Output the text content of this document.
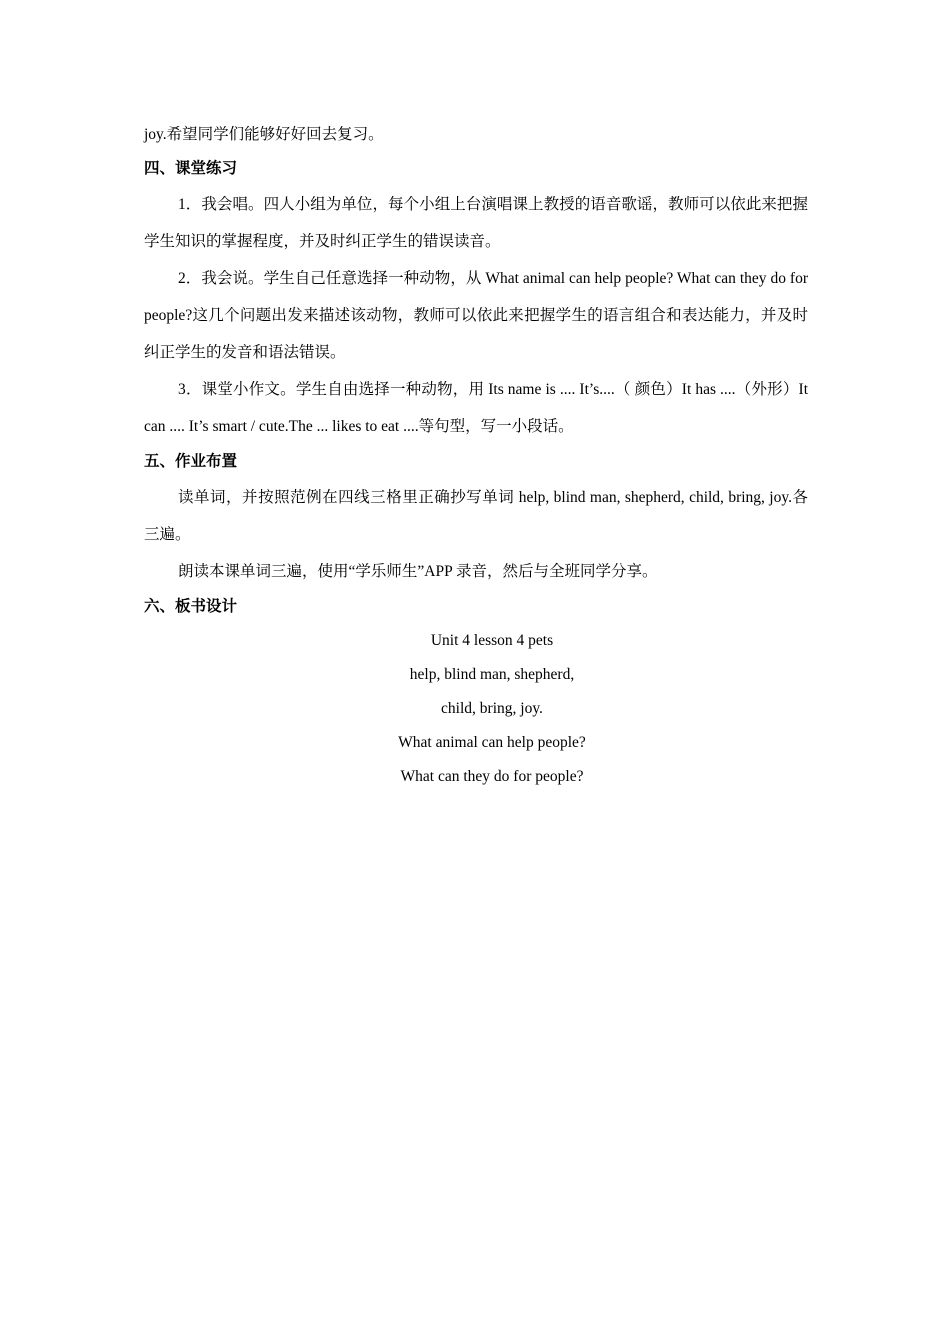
joy.希望同学们能够好好回去复习。
四、课堂练习

1．我会唱。四人小组为单位，每个小组上台演唱课上教授的语音歌谣，教师可以依此来把握学生知识的掌握程度，并及时纠正学生的错误读音。

2．我会说。学生自己任意选择一种动物，从 What animal can help people? What can they do for people?这几个问题出发来描述该动物，教师可以依此来把握学生的语言组合和表达能力，并及时纠正学生的发音和语法错误。

3．课堂小作文。学生自由选择一种动物，用 Its name is .... It’s....（ 颜色）It has ....（外形）It can .... It’s smart / cute.The ... likes to eat ....等句型，写一小段话。

五、作业布置

读单词，并按照范例在四线三格里正确抄写单词 help, blind man, shepherd, child, bring, joy.各三遍。

朗读本课单词三遍，使用“学乐师生”APP 录音，然后与全班同学分享。

六、板书设计
Unit 4 lesson 4 pets
help, blind man, shepherd,
child, bring, joy.
What animal can help people?
What can they do for people?
